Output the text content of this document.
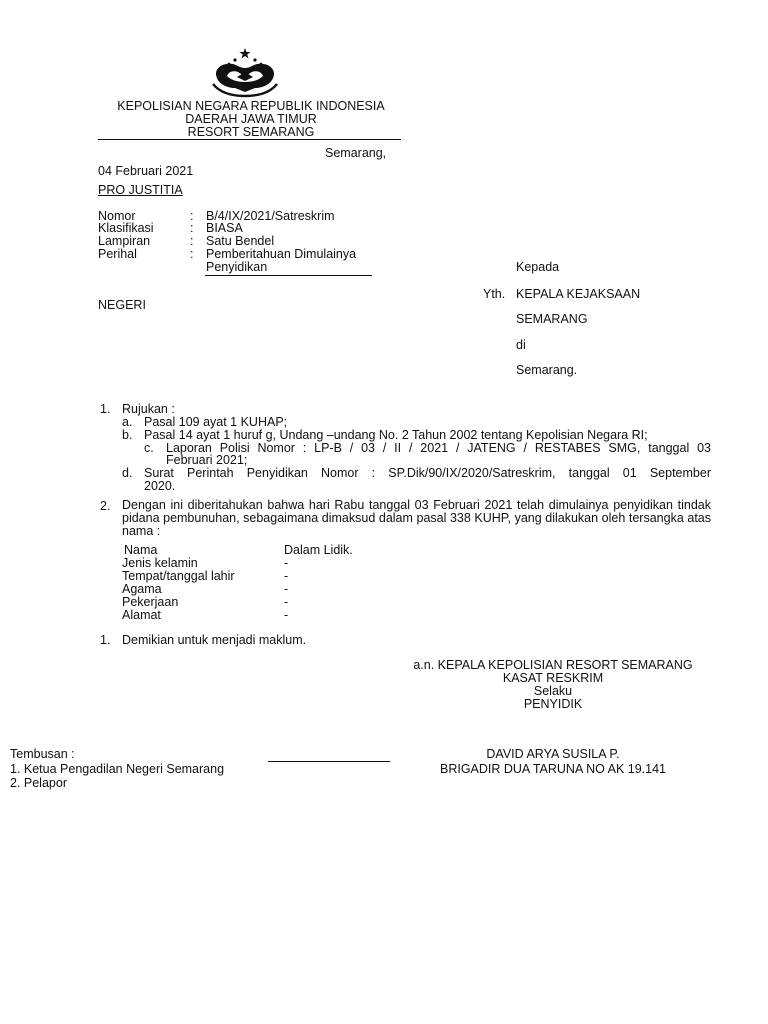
KEPOLISIAN NEGARA REPUBLIK INDONESIA
DAERAH JAWA TIMUR
RESORT SEMARANG
Semarang,
04 Februari 2021
PRO JUSTITIA
Nomor	: B/4/IX/2021/Satreskrim
Klasifikasi	: BIASA
Lampiran	: Satu Bendel
Perihal	: Pemberitahuan Dimulainya
Penyidikan	Kepada
Yth. KEPALA KEJAKSAAN
NEGERI
SEMARANG
di
Semarang.
1. Rujukan :
a. Pasal 109 ayat 1 KUHAP;
b. Pasal 14 ayat 1 huruf g, Undang –undang No. 2 Tahun 2002 tentang Kepolisian Negara RI;
c. Laporan Polisi Nomor : LP-B / 03 / II / 2021 / JATENG / RESTABES SMG, tanggal 03
Februari 2021;
d. Surat Perintah Penyidikan Nomor : SP.Dik/90/IX/2020/Satreskrim, tanggal 01 September
2020.
2. Dengan ini diberitahukan bahwa hari Rabu tanggal 03 Februari 2021 telah dimulainya penyidikan tindak pidana pembunuhan, sebagaimana dimaksud dalam pasal 338 KUHP, yang dilakukan oleh tersangka atas nama :
Nama	Dalam Lidik.
Jenis kelamin	-
Tempat/tanggal lahir	-
Agama	-
Pekerjaan	-
Alamat	-
1. Demikian untuk menjadi maklum.
a.n. KEPALA KEPOLISIAN RESORT SEMARANG
KASAT RESKRIM
Selaku
PENYIDIK
DAVID ARYA SUSILA P.
BRIGADIR DUA TARUNA NO AK 19.141
Tembusan :
1. Ketua Pengadilan Negeri Semarang
2. Pelapor
